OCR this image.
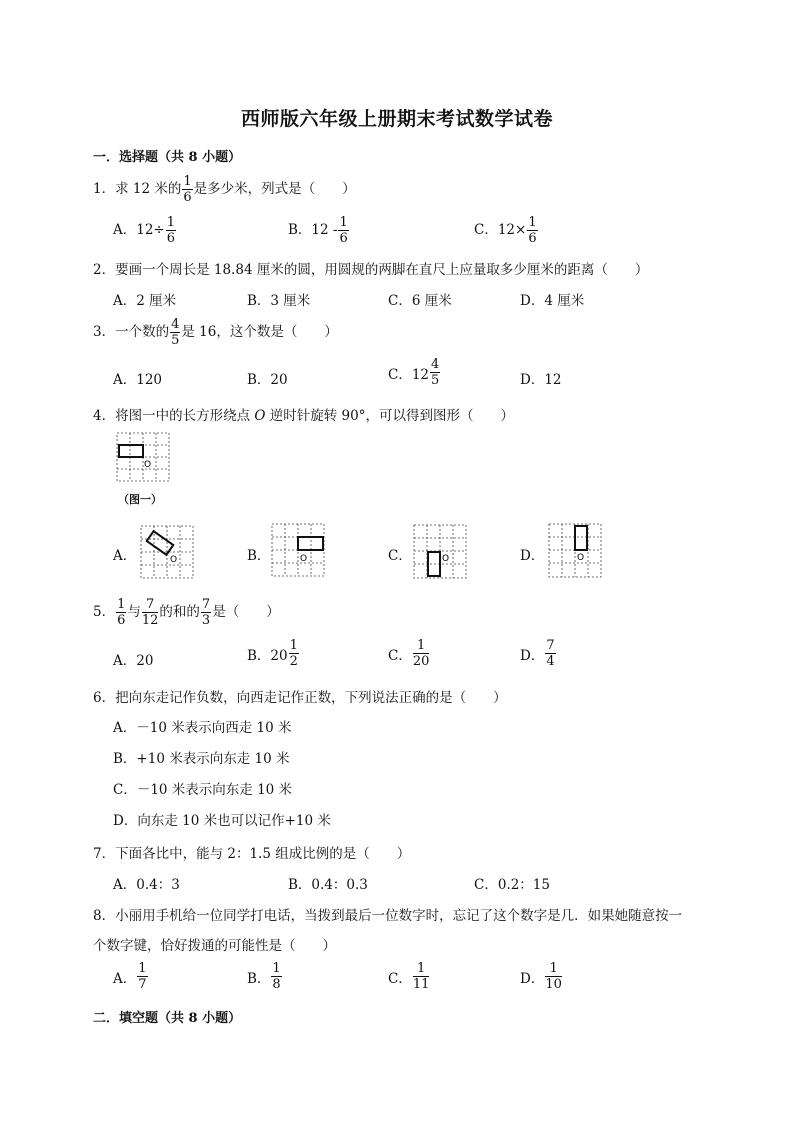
西师版六年级上册期末考试数学试卷
一．选择题（共 8 小题）
1．求 12 米的 $\frac{1}{6}$ 是多少米，列式是（　　）
A．$12\div \frac{1}{6}$	B．$12 - \frac{1}{6}$	C．$12\times \frac{1}{6}$
2．要画一个周长是 18.84 厘米的圆，用圆规的两脚在直尺上应量取多少厘米的距离（　　）
A．2 厘米	B．3 厘米	C．6 厘米	D．4 厘米
3．一个数的 $\frac{4}{5}$ 是 16，这个数是（　　）
A．120	B．20	C．$12 \frac{4}{5}$	D．12
4．将图一中的长方形绕点 O 逆时针旋转 90°，可以得到图形（　　）
O
（图一）
A．	O	B．	O	C．	O	D．	O
5． $\frac{1}{6}$ 与 $\frac{7}{12}$ 的和的 $\frac{7}{3}$ 是（　　）
A．20	B．$20 \frac{1}{2}$	C． $\frac{1}{20}$	D． $\frac{7}{4}$
6．把向东走记作负数，向西走记作正数，下列说法正确的是（　　）
A．－10 米表示向西走 10 米
B．+10 米表示向东走 10 米
C．－10 米表示向东走 10 米
D．向东走 10 米也可以记作+10 米
7．下面各比中，能与 2：1.5 组成比例的是（　　）
A．0.4：3	B．0.4：0.3	C．0.2：15
8．小丽用手机给一位同学打电话，当拨到最后一位数字时，忘记了这个数字是几．如果她随意按一
个数字键，恰好拨通的可能性是（　　）
A． $\frac{1}{7}$	B． $\frac{1}{8}$	C． $\frac{1}{11}$	D． $\frac{1}{10}$
二．填空题（共 8 小题）
